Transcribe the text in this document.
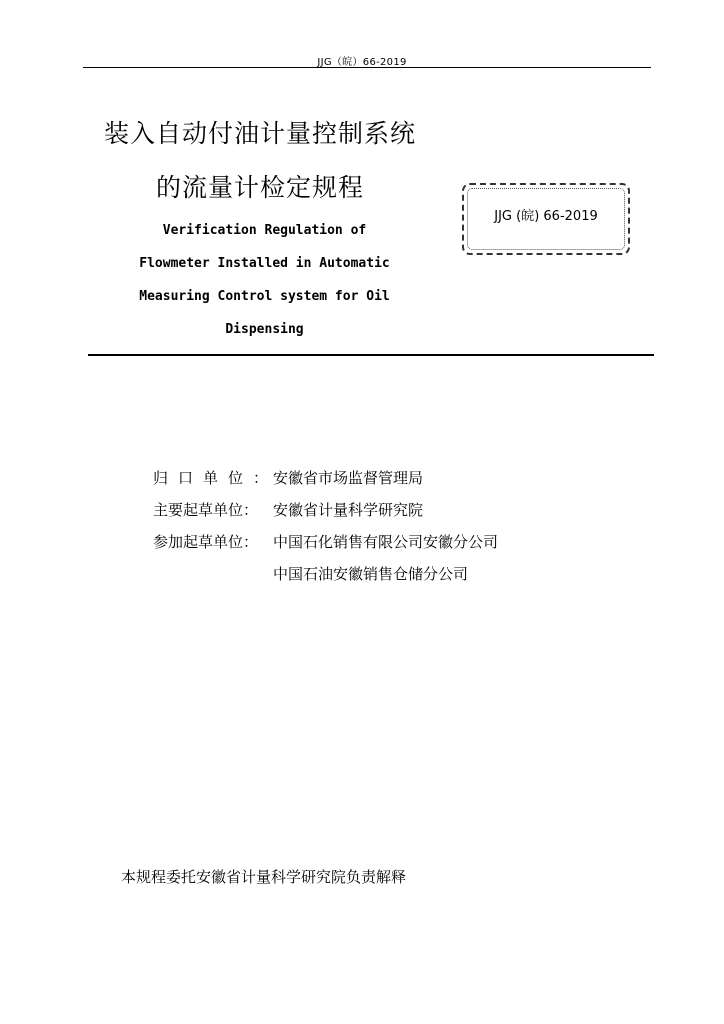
JJG（皖）66-2019
装入自动付油计量控制系统
的流量计检定规程
Verification Regulation of
Flowmeter Installed in Automatic
Measuring Control system for Oil
Dispensing
JJG (皖) 66-2019
归口单位：
安徽省市场监督管理局
主要起草单位： 安徽省计量科学研究院
参加起草单位： 中国石化销售有限公司安徽分公司
中国石油安徽销售仓储分公司
本规程委托安徽省计量科学研究院负责解释
